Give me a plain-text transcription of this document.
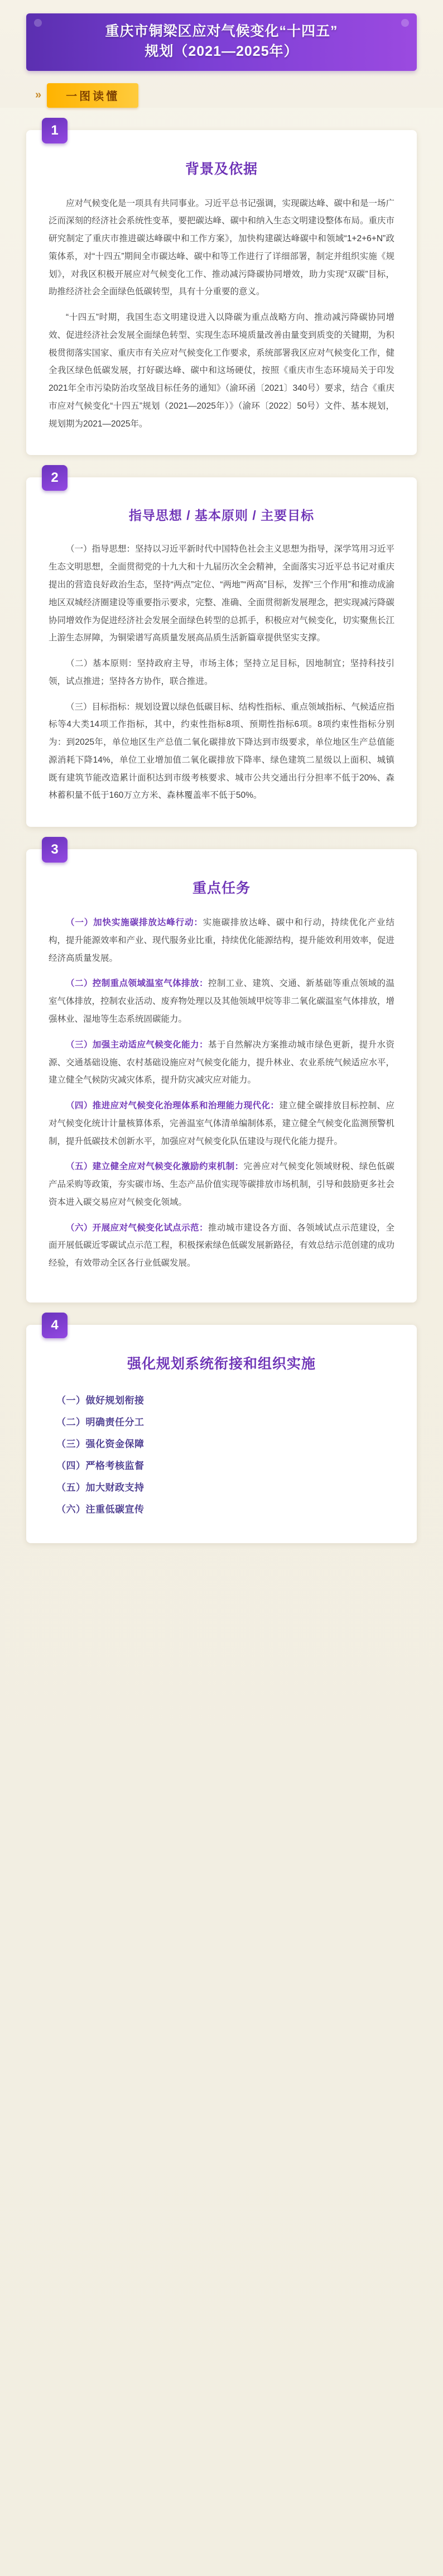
重庆市铜梁区应对气候变化“十四五”
规划（2021—2025年）
»	一图读懂
1
背景及依据

应对气候变化是一项具有共同事业。习近平总书记强调，实现碳达峰、碳中和是一场广泛而深刻的经济社会系统性变革，要把碳达峰、碳中和纳入生态文明建设整体布局。重庆市研究制定了重庆市推进碳达峰碳中和工作方案》，加快构建碳达峰碳中和领域“1+2+6+N”政策体系，对“十四五”期间全市碳达峰、碳中和等工作进行了详细部署，制定并组织实施《规划》，对我区积极开展应对气候变化工作、推动减污降碳协同增效，助力实现“双碳”目标，助推经济社会全面绿色低碳转型，具有十分重要的意义。

“十四五”时期，我国生态文明建设进入以降碳为重点战略方向、推动减污降碳协同增效、促进经济社会发展全面绿色转型、实现生态环境质量改善由量变到质变的关键期，为积极贯彻落实国家、重庆市有关应对气候变化工作要求，系统部署我区应对气候变化工作，健全我区绿色低碳发展，打好碳达峰、碳中和这场硬仗，按照《重庆市生态环境局关于印发2021年全市污染防治攻坚战目标任务的通知》（渝环函〔2021〕340号）要求，结合《重庆市应对气候变化“十四五”规划（2021—2025年）》（渝环〔2022〕50号）文件、基本规划，规划期为2021—2025年。

2
指导思想 / 基本原则 / 主要目标

（一）指导思想：坚持以习近平新时代中国特色社会主义思想为指导，深学笃用习近平生态文明思想，全面贯彻党的十九大和十九届历次全会精神，全面落实习近平总书记对重庆提出的营造良好政治生态，坚持“两点”定位、“两地”“两高”目标，发挥“三个作用”和推动成渝地区双城经济圈建设等重要指示要求，完整、准确、全面贯彻新发展理念，把实现减污降碳协同增效作为促进经济社会发展全面绿色转型的总抓手，积极应对气候变化，切实聚焦长江上游生态屏障，为铜梁谱写高质量发展高品质生活新篇章提供坚实支撑。

（二）基本原则：坚持政府主导，市场主体；坚持立足目标，因地制宜；坚持科技引领，试点推进；坚持各方协作，联合推进。

（三）目标指标：规划设置以绿色低碳目标、结构性指标、重点领域指标、气候适应指标等4大类14项工作指标，其中，约束性指标8项、预期性指标6项。8项约束性指标分别为：到2025年，单位地区生产总值二氧化碳排放下降达到市级要求，单位地区生产总值能源消耗下降14%，单位工业增加值二氧化碳排放下降率、绿色建筑二星级以上面积、城镇既有建筑节能改造累计面积达到市级考核要求、城市公共交通出行分担率不低于20%、森林蓄积量不低于160万立方米、森林覆盖率不低于50%。

3
重点任务

（一）加快实施碳排放达峰行动：实施碳排放达峰、碳中和行动，持续优化产业结构，提升能源效率和产业、现代服务业比重，持续优化能源结构，提升能效利用效率，促进经济高质量发展。

（二）控制重点领域温室气体排放：控制工业、建筑、交通、新基础等重点领域的温室气体排放，控制农业活动、废弃物处理以及其他领域甲烷等非二氧化碳温室气体排放，增强林业、湿地等生态系统固碳能力。

（三）加强主动适应气候变化能力：基于自然解决方案推动城市绿色更新，提升水资源、交通基础设施、农村基础设施应对气候变化能力，提升林业、农业系统气候适应水平，建立健全气候防灾减灾体系，提升防灾减灾应对能力。

（四）推进应对气候变化治理体系和治理能力现代化：建立健全碳排放目标控制、应对气候变化统计计量核算体系，完善温室气体清单编制体系，建立健全气候变化监测预警机制，提升低碳技术创新水平，加强应对气候变化队伍建设与现代化能力提升。

（五）建立健全应对气候变化激励约束机制：完善应对气候变化领域财税、绿色低碳产品采购等政策，夯实碳市场、生态产品价值实现等碳排放市场机制，引导和鼓励更多社会资本进入碳交易应对气候变化领域。

（六）开展应对气候变化试点示范：推动城市建设各方面、各领域试点示范建设，全面开展低碳近零碳试点示范工程，积极探索绿色低碳发展新路径，有效总结示范创建的成功经验，有效带动全区各行业低碳发展。

4
强化规划系统衔接和组织实施
（一）做好规划衔接
（二）明确责任分工
（三）强化资金保障
（四）严格考核监督
（五）加大财政支持
（六）注重低碳宣传
